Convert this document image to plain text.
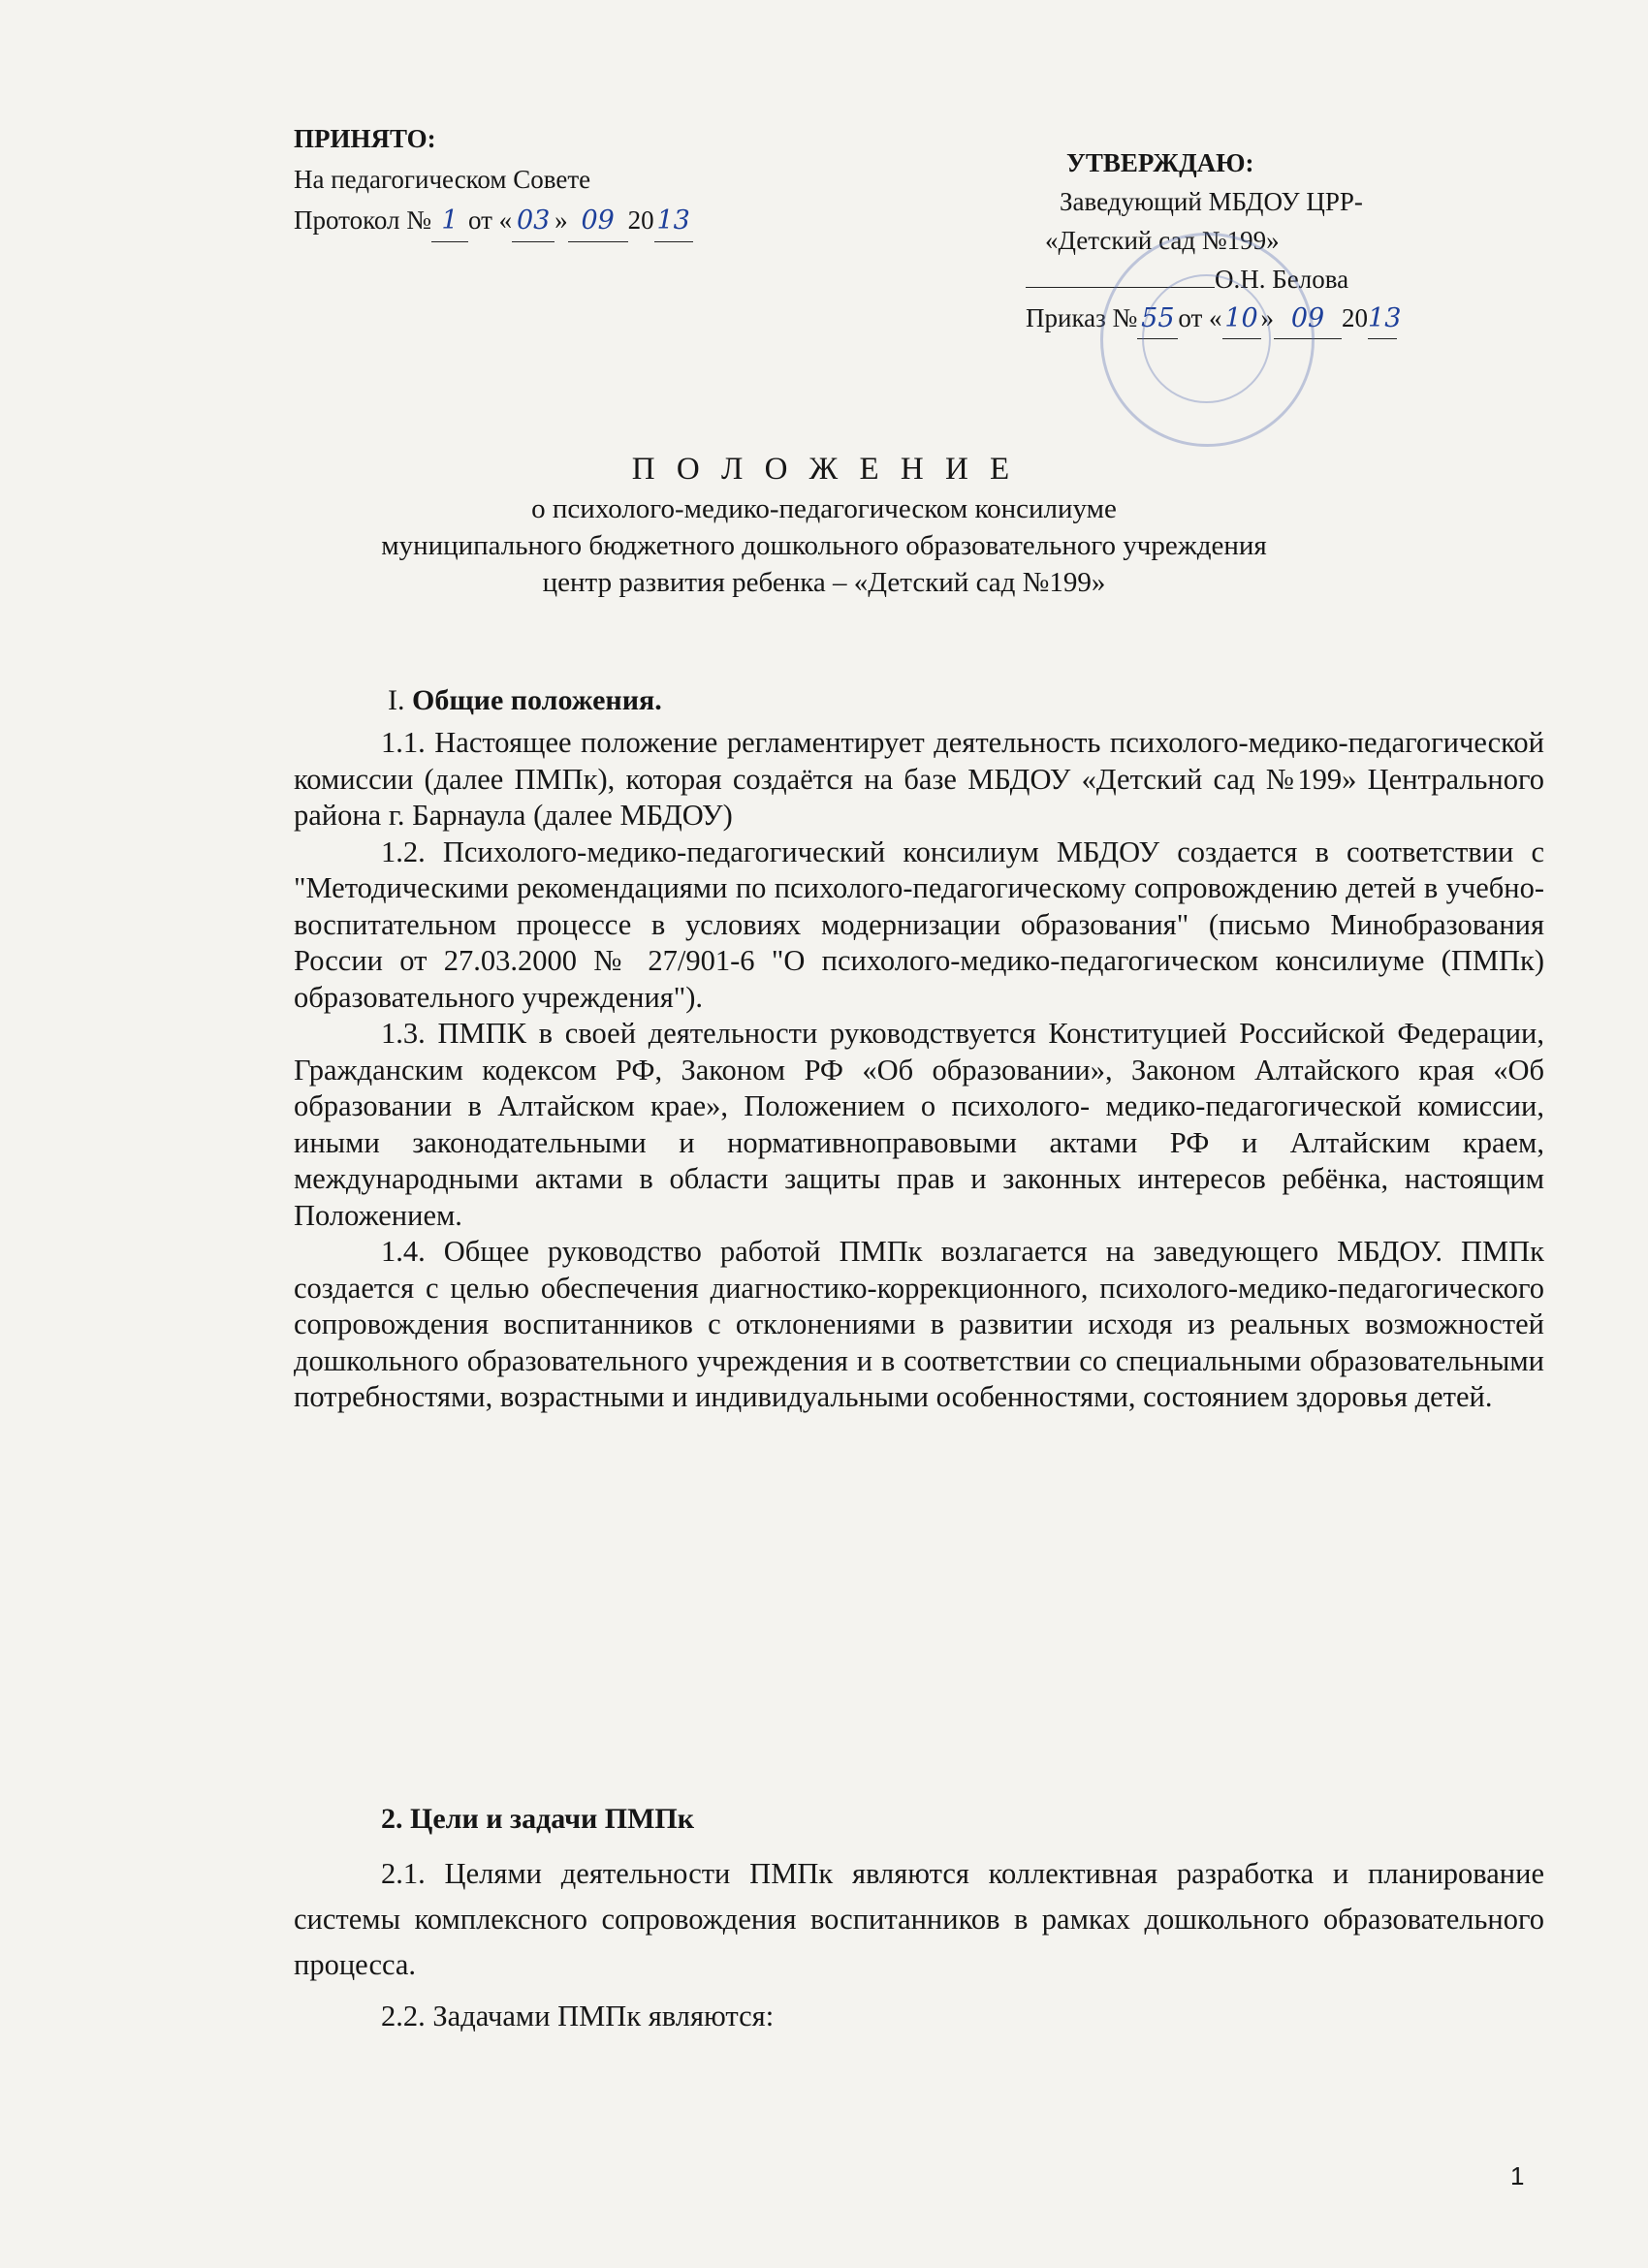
ПРИНЯТО:
На педагогическом Совете
Протокол № 1 от « 03 » 09 20 13
УТВЕРЖДАЮ:
Заведующий МБДОУ ЦРР-
«Детский сад №199»
О.Н. Белова
Приказ № 55 от « 10 » 09 2013
П О Л О Ж Е Н И Е
о психолого-медико-педагогическом консилиуме
муниципального бюджетного дошкольного образовательного учреждения
центр развития ребенка – «Детский сад №199»
I. Общие положения.

1.1. Настоящее положение регламентирует деятельность психолого-медико-педагогической комиссии (далее ПМПк), которая создаётся на базе МБДОУ «Детский сад №199» Центрального района г. Барнаула (далее МБДОУ)

1.2. Психолого-медико-педагогический консилиум МБДОУ создается в соответствии с "Методическими рекомендациями по психолого-педагогическому сопровождению детей в учебно-воспитательном процессе в условиях модернизации образования" (письмо Минобразования России от 27.03.2000 № 27/901-6 "О психолого-медико-педагогическом консилиуме (ПМПк) образовательного учреждения").

1.3. ПМПК в своей деятельности руководствуется Конституцией Российской Федерации, Гражданским кодексом РФ, Законом РФ «Об образовании», Законом Алтайского края «Об образовании в Алтайском крае», Положением о психолого- медико-педагогической комиссии, иными законодательными и нормативноправовыми актами РФ и Алтайским краем, международными актами в области защиты прав и законных интересов ребёнка, настоящим Положением.

1.4. Общее руководство работой ПМПк возлагается на заведующего МБДОУ. ПМПк создается с целью обеспечения диагностико-коррекционного, психолого-медико-педагогического сопровождения воспитанников с отклонениями в развитии исходя из реальных возможностей дошкольного образовательного учреждения и в соответствии со специальными образовательными потребностями, возрастными и индивидуальными особенностями, состоянием здоровья детей.

2. Цели и задачи ПМПк

2.1. Целями деятельности ПМПк являются коллективная разработка и планирование системы комплексного сопровождения воспитанников в рамках дошкольного образовательного процесса.

2.2. Задачами ПМПк являются:

1
